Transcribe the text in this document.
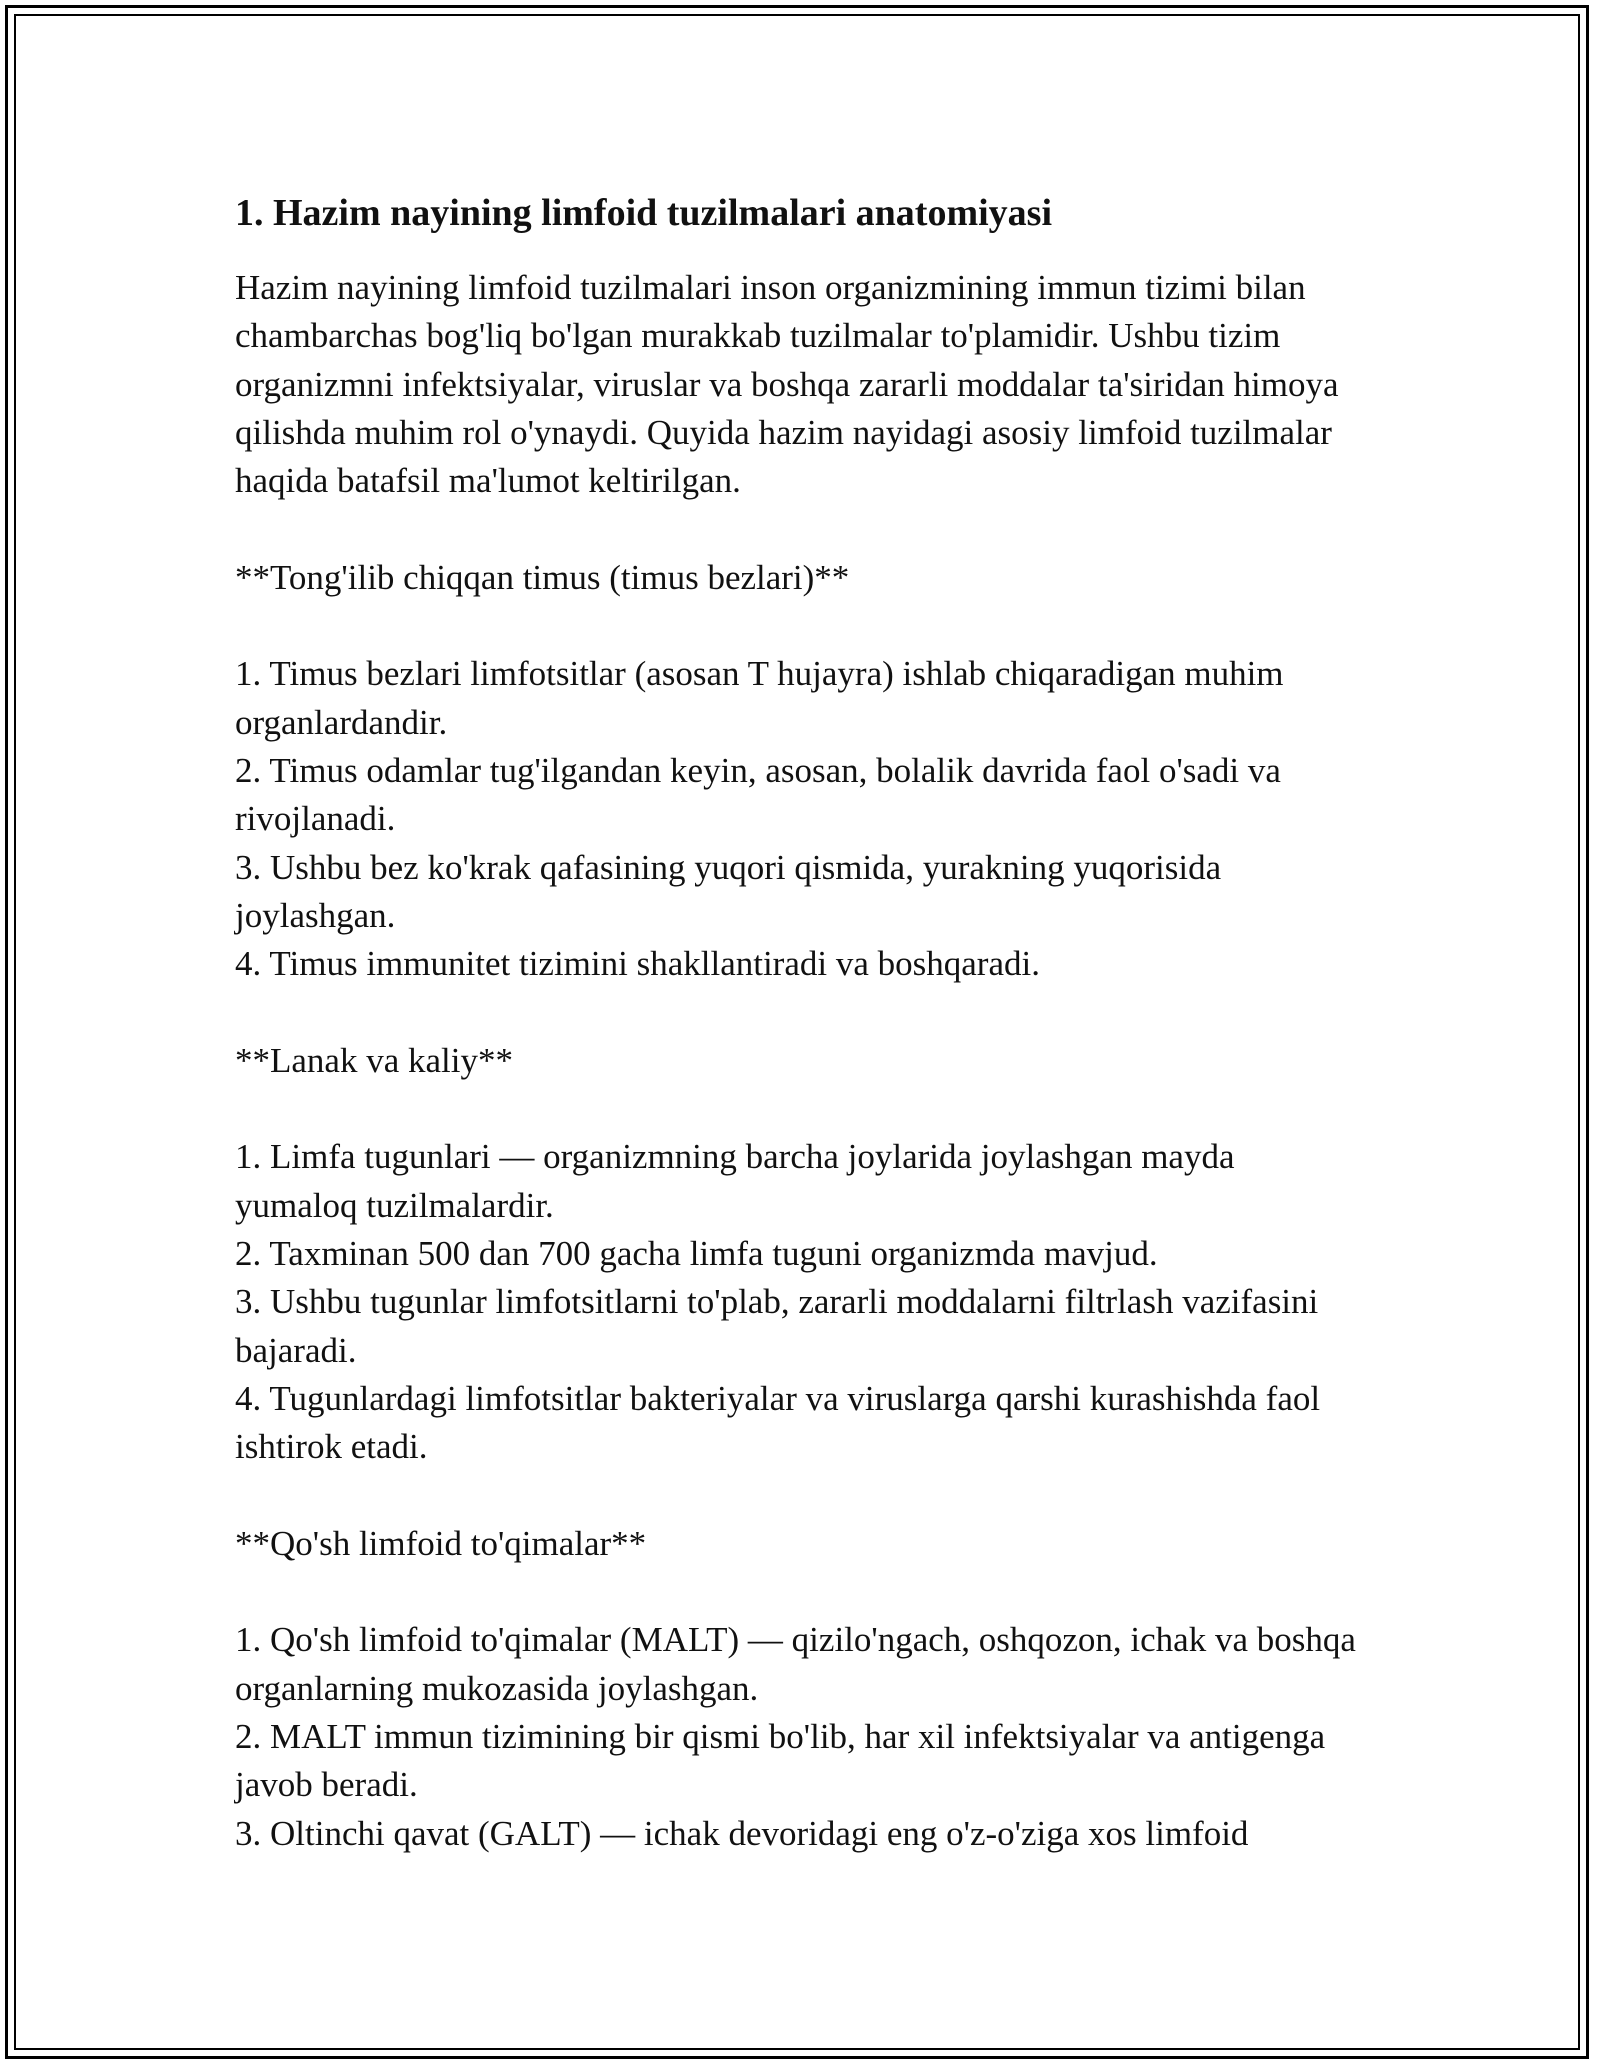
1. Hazim nayining limfoid tuzilmalari anatomiyasi

Hazim nayining limfoid tuzilmalari inson organizmining immun tizimi bilan chambarchas bog'liq bo'lgan murakkab tuzilmalar to'plamidir. Ushbu tizim organizmni infektsiyalar, viruslar va boshqa zararli moddalar ta'siridan himoya qilishda muhim rol o'ynaydi. Quyida hazim nayidagi asosiy limfoid tuzilmalar haqida batafsil ma'lumot keltirilgan.

**Tong'ilib chiqqan timus (timus bezlari)**

1. Timus bezlari limfotsitlar (asosan T hujayra) ishlab chiqaradigan muhim organlardandir.

2. Timus odamlar tug'ilgandan keyin, asosan, bolalik davrida faol o'sadi va rivojlanadi.

3. Ushbu bez ko'krak qafasining yuqori qismida, yurakning yuqorisida joylashgan.

4. Timus immunitet tizimini shakllantiradi va boshqaradi.

**Lanak va kaliy**

1. Limfa tugunlari — organizmning barcha joylarida joylashgan mayda yumaloq tuzilmalardir.

2. Taxminan 500 dan 700 gacha limfa tuguni organizmda mavjud.

3. Ushbu tugunlar limfotsitlarni to'plab, zararli moddalarni filtrlash vazifasini bajaradi.

4. Tugunlardagi limfotsitlar bakteriyalar va viruslarga qarshi kurashishda faol ishtirok etadi.

**Qo'sh limfoid to'qimalar**

1. Qo'sh limfoid to'qimalar (MALT) — qizilo'ngach, oshqozon, ichak va boshqa organlarning mukozasida joylashgan.

2. MALT immun tizimining bir qismi bo'lib, har xil infektsiyalar va antigenga javob beradi.

3. Oltinchi qavat (GALT) — ichak devoridagi eng o'z-o'ziga xos limfoid
